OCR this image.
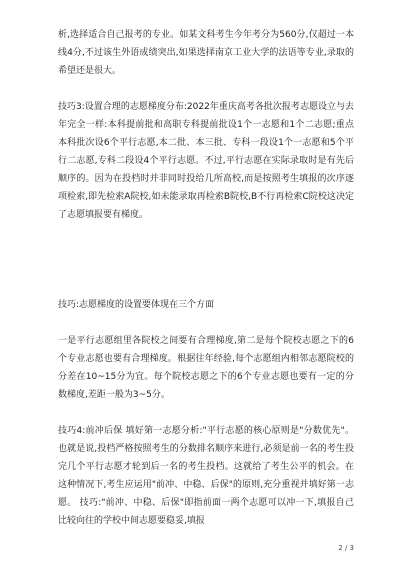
析,选择适合自己报考的专业。如某文科考生今年考分为560分,仅超过一本线4分,不过该生外语成绩突出,如果选择南京工业大学的法语等专业,录取的希望还是很大。

技巧3:设置合理的志愿梯度分布:2022年重庆高考各批次报考志愿设立与去年完全一样:本科提前批和高职专科提前批设1个一志愿和1个二志愿;重点本科批次设6个平行志愿,本二批、本三批、专科一段设1个一志愿和5个平行二志愿,专科二段设4个平行志愿。不过,平行志愿在实际录取时是有先后顺序的。因为在投档时并非同时投给几所高校,而是按照考生填报的次序逐项检索,即先检索A院校,如未能录取再检索B院校,B不行再检索C院校这决定了志愿填报要有梯度。

技巧:志愿梯度的设置要体现在三个方面

一是平行志愿组里各院校之间要有合理梯度,第二是每个院校志愿之下的6个专业志愿也要有合理梯度。根据往年经验,每个志愿组内相邻志愿院校的分差在10~15分为宜。每个院校志愿之下的6个专业志愿也要有一定的分数梯度,差距一般为3~5分。

技巧4:前冲后保 填好第一志愿分析:"平行志愿的核心原则是"分数优先"。也就是说,投档严格按照考生的分数排名顺序来进行,必须是前一名的考生投完几个平行志愿才轮到后一名的考生投档。这就给了考生公平的机会。在这种情况下,考生应运用"前冲、中稳、后保"的原则,充分重视并填好第一志愿。 技巧:"前冲、中稳、后保"即指前面一两个志愿可以冲一下,填报自己比较向往的学校中间志愿要稳妥,填报

2 / 3
